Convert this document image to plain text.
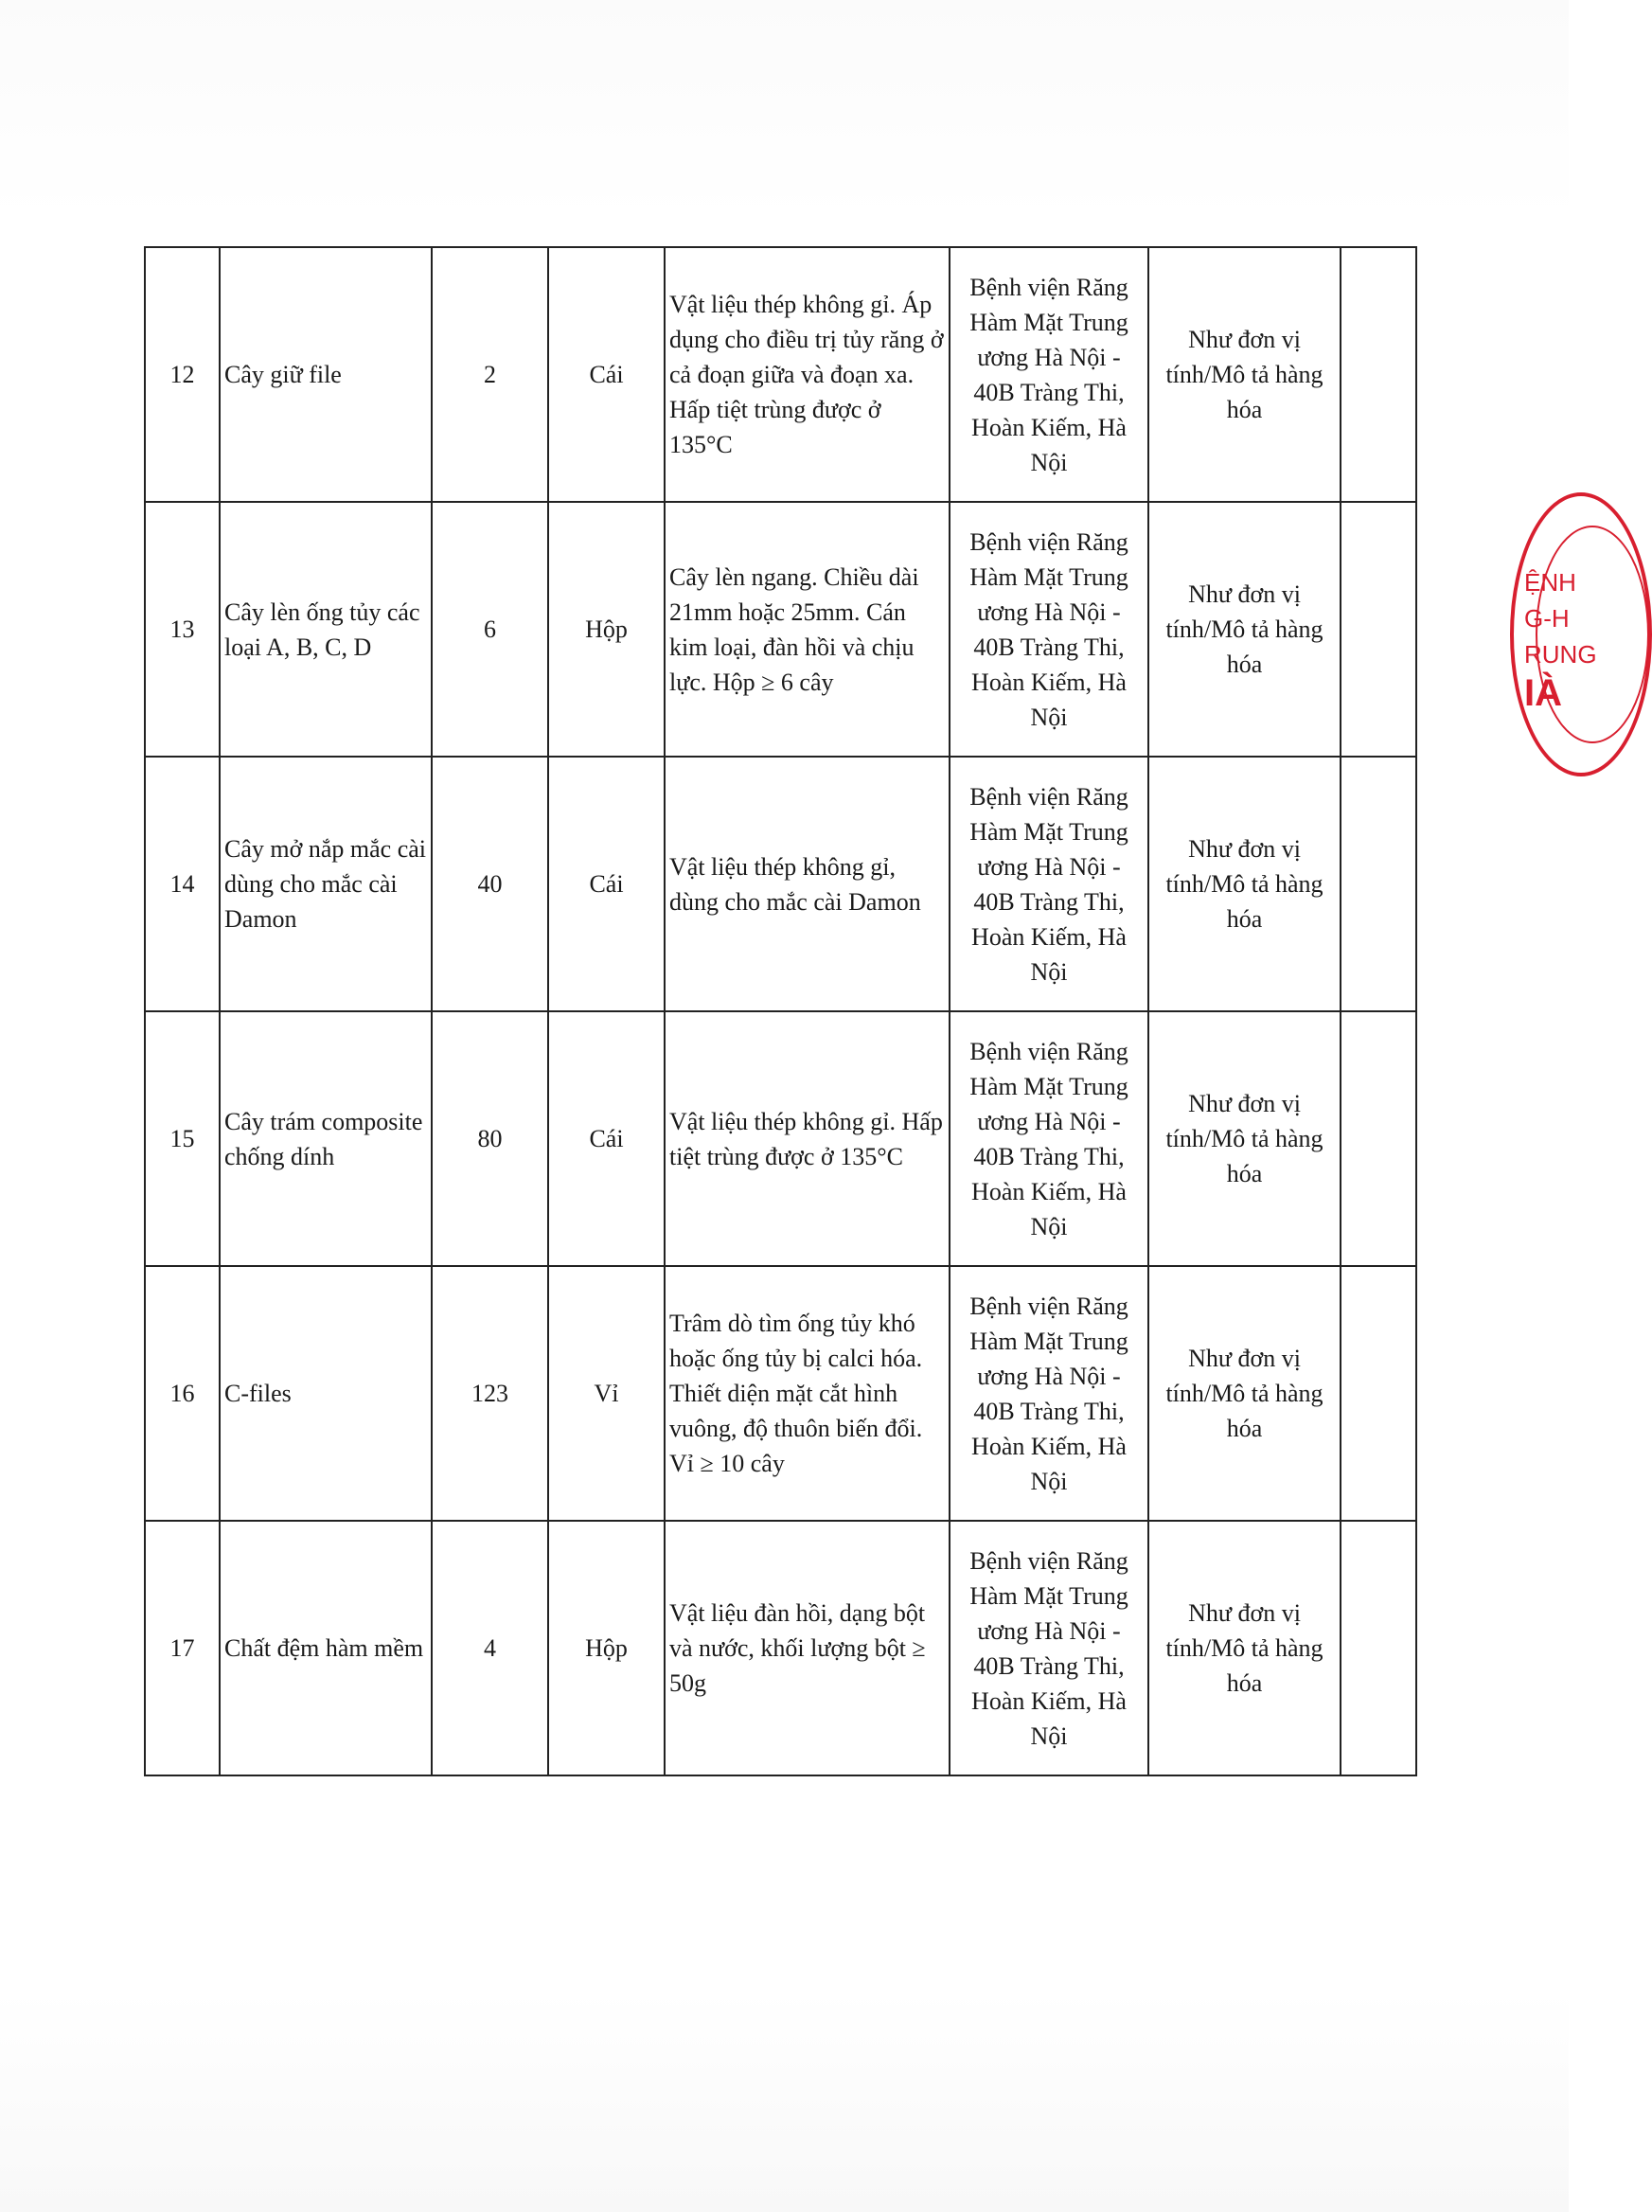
12	Cây giữ file	2	Cái	Vật liệu thép không gỉ. Áp dụng cho điều trị tủy răng ở cả đoạn giữa và đoạn xa. Hấp tiệt trùng được ở 135°C	Bệnh viện Răng Hàm Mặt Trung ương Hà Nội - 40B Tràng Thi, Hoàn Kiếm, Hà Nội	Như đơn vị tính/Mô tả hàng hóa	
13	Cây lèn ống tủy các loại A, B, C, D	6	Hộp	Cây lèn ngang. Chiều dài 21mm hoặc 25mm. Cán kim loại, đàn hồi và chịu lực. Hộp ≥ 6 cây	Bệnh viện Răng Hàm Mặt Trung ương Hà Nội - 40B Tràng Thi, Hoàn Kiếm, Hà Nội	Như đơn vị tính/Mô tả hàng hóa	
14	Cây mở nắp mắc cài dùng cho mắc cài Damon	40	Cái	Vật liệu thép không gỉ, dùng cho mắc cài Damon	Bệnh viện Răng Hàm Mặt Trung ương Hà Nội - 40B Tràng Thi, Hoàn Kiếm, Hà Nội	Như đơn vị tính/Mô tả hàng hóa	
15	Cây trám composite chống dính	80	Cái	Vật liệu thép không gỉ. Hấp tiệt trùng được ở 135°C	Bệnh viện Răng Hàm Mặt Trung ương Hà Nội - 40B Tràng Thi, Hoàn Kiếm, Hà Nội	Như đơn vị tính/Mô tả hàng hóa	
16	C-files	123	Vỉ	Trâm dò tìm ống tủy khó hoặc ống tủy bị calci hóa. Thiết diện mặt cắt hình vuông, độ thuôn biến đổi. Vỉ ≥ 10 cây	Bệnh viện Răng Hàm Mặt Trung ương Hà Nội - 40B Tràng Thi, Hoàn Kiếm, Hà Nội	Như đơn vị tính/Mô tả hàng hóa	
17	Chất đệm hàm mềm	4	Hộp	Vật liệu đàn hồi, dạng bột và nước, khối lượng bột ≥ 50g	Bệnh viện Răng Hàm Mặt Trung ương Hà Nội - 40B Tràng Thi, Hoàn Kiếm, Hà Nội	Như đơn vị tính/Mô tả hàng hóa	
ỆNH
G-H
RUNG
IÀ
